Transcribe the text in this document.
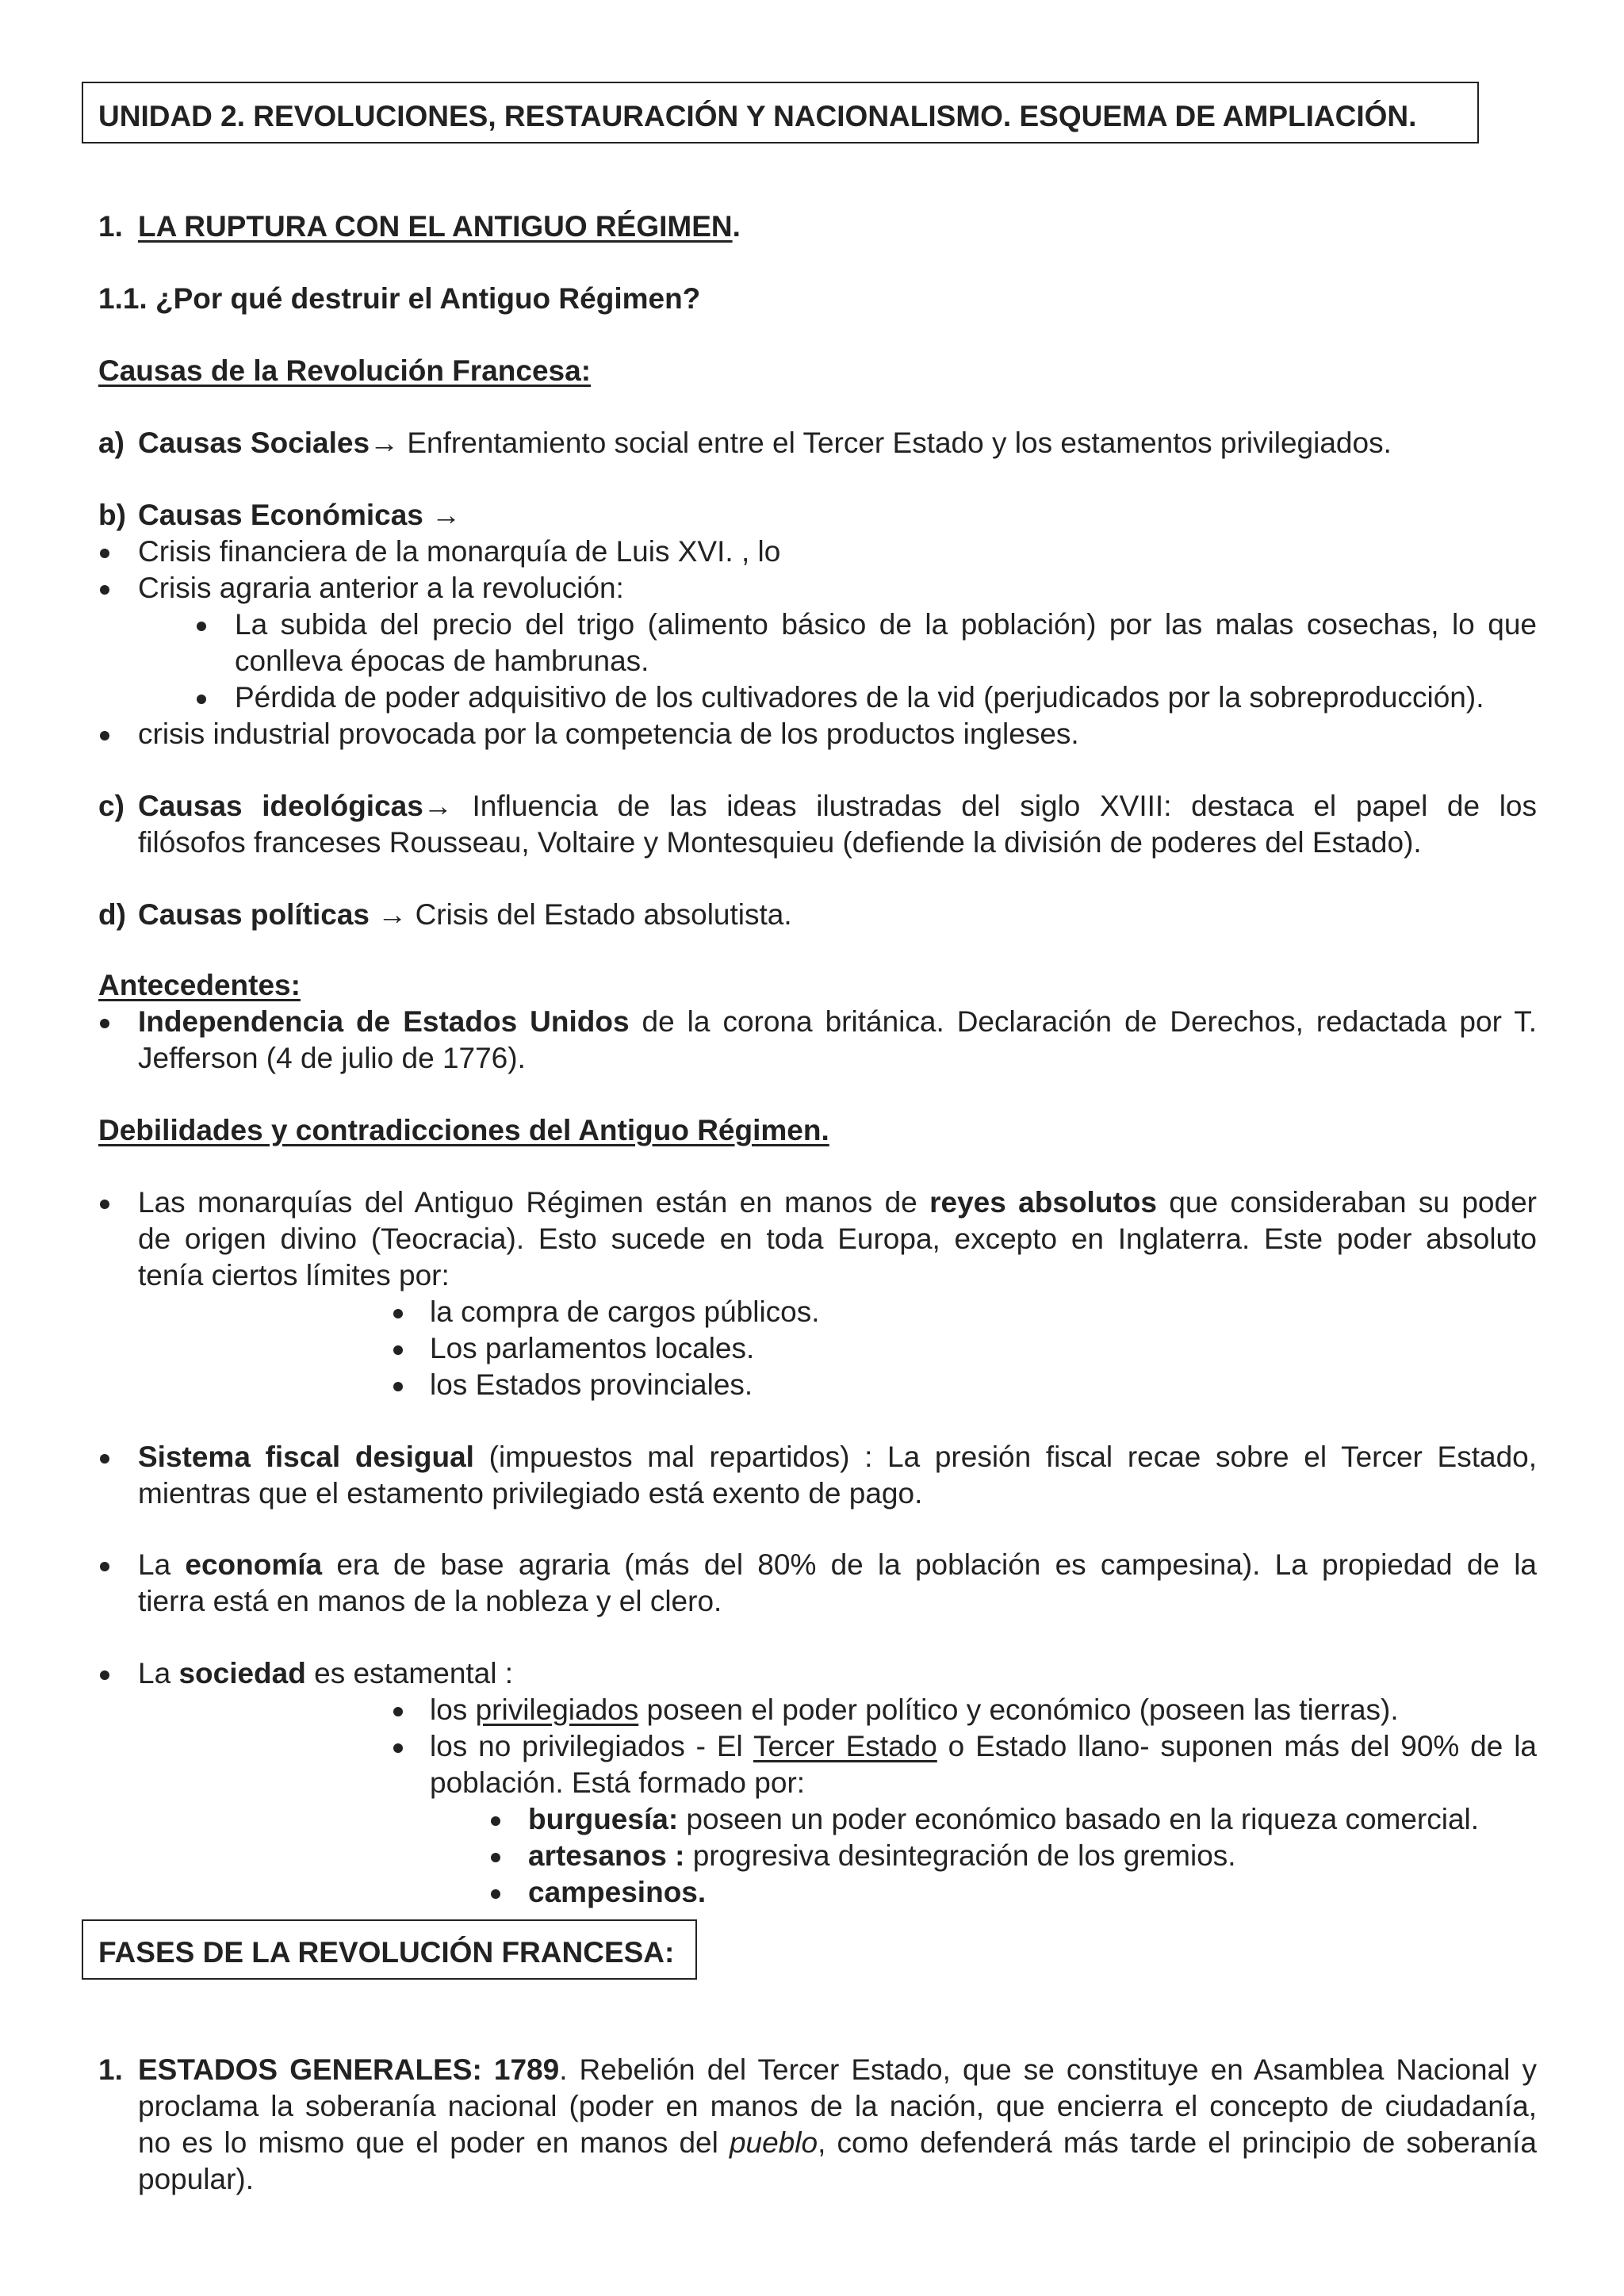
UNIDAD 2. REVOLUCIONES, RESTAURACIÓN Y NACIONALISMO. ESQUEMA DE AMPLIACIÓN.
1. LA RUPTURA CON EL ANTIGUO RÉGIMEN.
1.1. ¿Por qué destruir el Antiguo Régimen?
Causas de la Revolución Francesa:
a) Causas Sociales→ Enfrentamiento social entre el Tercer Estado y los estamentos privilegiados.
b) Causas Económicas →
Crisis financiera de la monarquía de Luis XVI. , lo
Crisis agraria anterior a la revolución:
La subida del precio del trigo (alimento básico de la población) por las malas cosechas, lo que
conlleva épocas de hambrunas.
Pérdida de poder adquisitivo de los cultivadores de la vid (perjudicados por la sobreproducción).
crisis industrial provocada por la competencia de los productos ingleses.
c) Causas ideológicas→ Influencia de las ideas ilustradas del siglo XVIII: destaca el papel de los
filósofos franceses Rousseau, Voltaire y Montesquieu (defiende la división de poderes del Estado).
d) Causas políticas → Crisis del Estado absolutista.
Antecedentes:
Independencia de Estados Unidos de la corona británica. Declaración de Derechos, redactada por T.
Jefferson (4 de julio de 1776).
Debilidades y contradicciones del Antiguo Régimen.
Las monarquías del Antiguo Régimen están en manos de reyes absolutos que consideraban su poder
de origen divino (Teocracia). Esto sucede en toda Europa, excepto en Inglaterra. Este poder absoluto
tenía ciertos límites por:
la compra de cargos públicos.
Los parlamentos locales.
los Estados provinciales.
Sistema fiscal desigual (impuestos mal repartidos) : La presión fiscal recae sobre el Tercer Estado,
mientras que el estamento privilegiado está exento de pago.
La economía era de base agraria (más del 80% de la población es campesina). La propiedad de la
tierra está en manos de la nobleza y el clero.
La sociedad es estamental :
los privilegiados poseen el poder político y económico (poseen las tierras).
los no privilegiados - El Tercer Estado o Estado llano- suponen más del 90% de la
población. Está formado por:
burguesía: poseen un poder económico basado en la riqueza comercial.
artesanos : progresiva desintegración de los gremios.
campesinos.
FASES DE LA REVOLUCIÓN FRANCESA:
1. ESTADOS GENERALES: 1789. Rebelión del Tercer Estado, que se constituye en Asamblea Nacional y
proclama la soberanía nacional (poder en manos de la nación, que encierra el concepto de ciudadanía,
no es lo mismo que el poder en manos del pueblo, como defenderá más tarde el principio de soberanía
popular).
